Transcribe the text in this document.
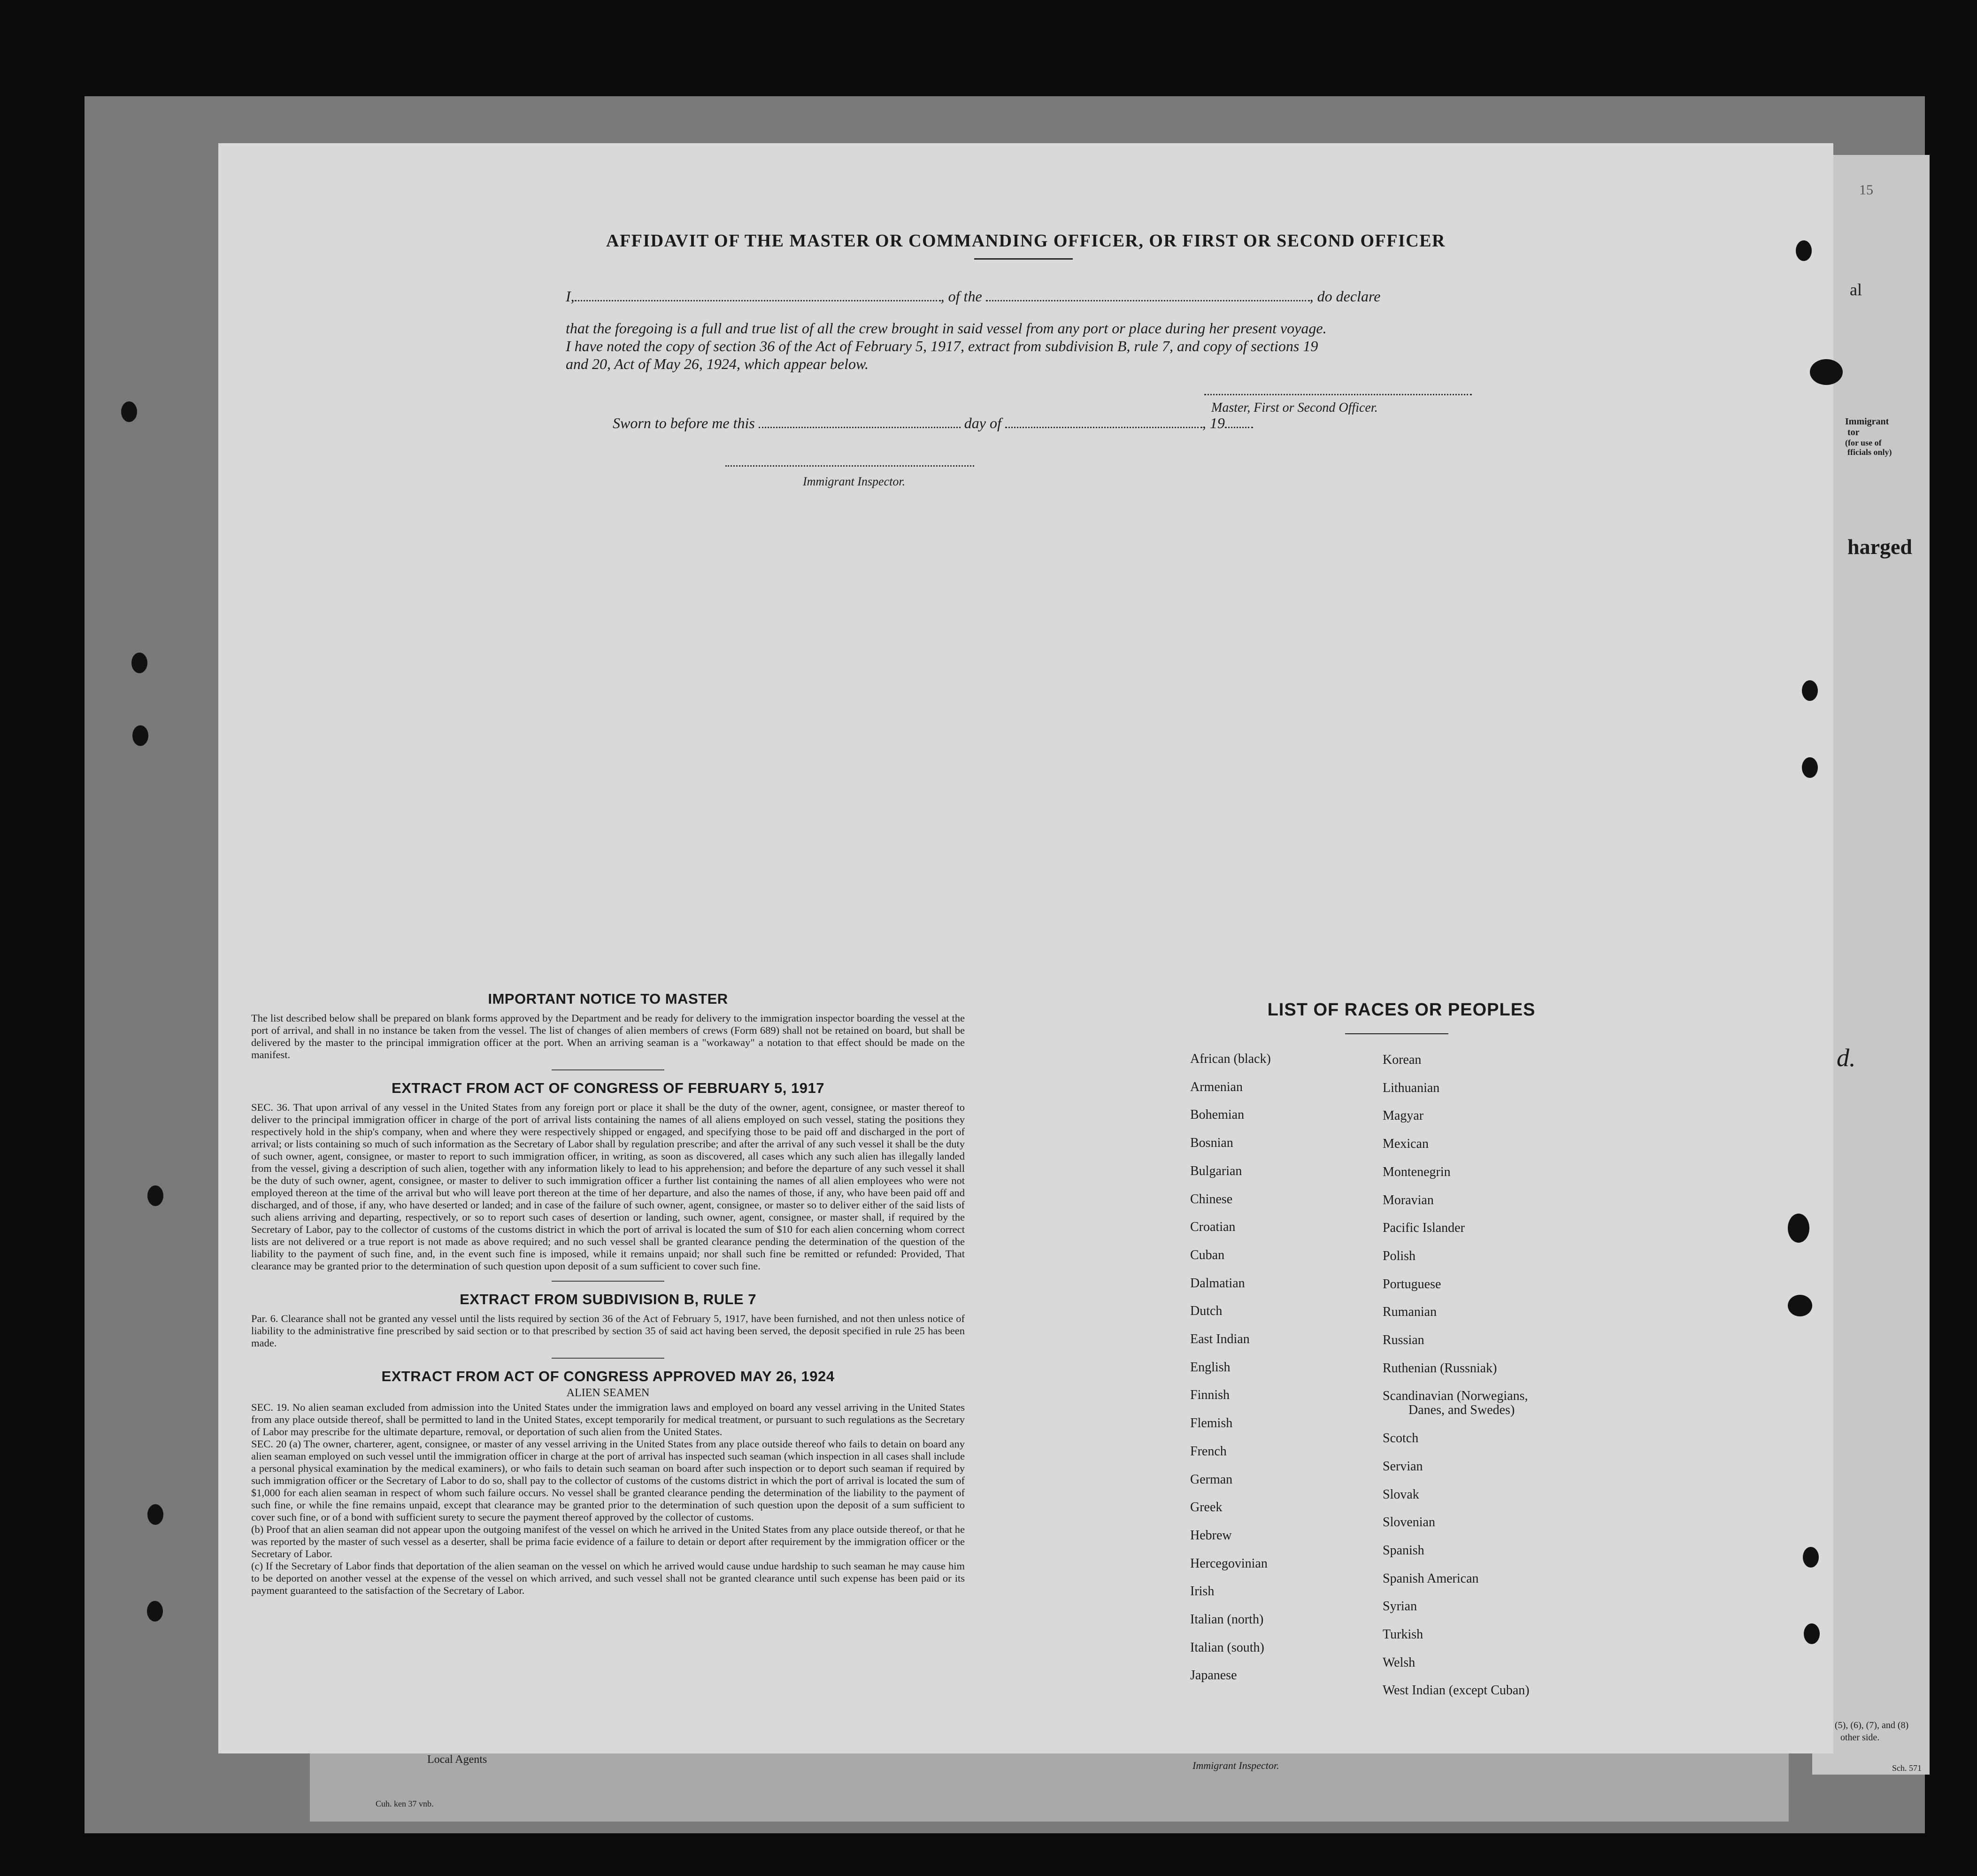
Local Agents
Cuh. ken 37 vnb.
Immigrant Inspector.
AFFIDAVIT OF THE MASTER OR COMMANDING OFFICER, OR FIRST OR SECOND OFFICER
I,	, of the	, do declare
that the foregoing is a full and true list of all the crew brought in said vessel from any port or place during her present voyage.
I have noted the copy of section 36 of the Act of February 5, 1917, extract from subdivision B, rule 7, and copy of sections 19
and 20, Act of May 26, 1924, which appear below.
Master, First or Second Officer.
Sworn to before me this	day of	, 19
Immigrant Inspector.
IMPORTANT NOTICE TO MASTER
The list described below shall be prepared on blank forms approved by the Department and be ready for delivery to the immigration inspector boarding the vessel at the port of arrival, and shall in no instance be taken from the vessel. The list of changes of alien members of crews (Form 689) shall not be retained on board, but shall be delivered by the master to the principal immigration officer at the port. When an arriving seaman is a "workaway" a notation to that effect should be made on the manifest.
EXTRACT FROM ACT OF CONGRESS OF FEBRUARY 5, 1917
SEC. 36. That upon arrival of any vessel in the United States from any foreign port or place it shall be the duty of the owner, agent, consignee, or master thereof to deliver to the principal immigration officer in charge of the port of arrival lists containing the names of all aliens employed on such vessel, stating the positions they respectively hold in the ship's company, when and where they were respectively shipped or engaged, and specifying those to be paid off and discharged in the port of arrival; or lists containing so much of such information as the Secretary of Labor shall by regulation prescribe; and after the arrival of any such vessel it shall be the duty of such owner, agent, consignee, or master to report to such immigration officer, in writing, as soon as discovered, all cases which any such alien has illegally landed from the vessel, giving a description of such alien, together with any information likely to lead to his apprehension; and before the departure of any such vessel it shall be the duty of such owner, agent, consignee, or master to deliver to such immigration officer a further list containing the names of all alien employees who were not employed thereon at the time of the arrival but who will leave port thereon at the time of her departure, and also the names of those, if any, who have been paid off and discharged, and of those, if any, who have deserted or landed; and in case of the failure of such owner, agent, consignee, or master so to deliver either of the said lists of such aliens arriving and departing, respectively, or so to report such cases of desertion or landing, such owner, agent, consignee, or master shall, if required by the Secretary of Labor, pay to the collector of customs of the customs district in which the port of arrival is located the sum of $10 for each alien concerning whom correct lists are not delivered or a true report is not made as above required; and no such vessel shall be granted clearance pending the determination of the question of the liability to the payment of such fine, and, in the event such fine is imposed, while it remains unpaid; nor shall such fine be remitted or refunded: Provided, That clearance may be granted prior to the determination of such question upon deposit of a sum sufficient to cover such fine.
EXTRACT FROM SUBDIVISION B, RULE 7
Par. 6. Clearance shall not be granted any vessel until the lists required by section 36 of the Act of February 5, 1917, have been furnished, and not then unless notice of liability to the administrative fine prescribed by said section or to that prescribed by section 35 of said act having been served, the deposit specified in rule 25 has been made.
EXTRACT FROM ACT OF CONGRESS APPROVED MAY 26, 1924
ALIEN SEAMEN
SEC. 19. No alien seaman excluded from admission into the United States under the immigration laws and employed on board any vessel arriving in the United States from any place outside thereof, shall be permitted to land in the United States, except temporarily for medical treatment, or pursuant to such regulations as the Secretary of Labor may prescribe for the ultimate departure, removal, or deportation of such alien from the United States.
SEC. 20 (a) The owner, charterer, agent, consignee, or master of any vessel arriving in the United States from any place outside thereof who fails to detain on board any alien seaman employed on such vessel until the immigration officer in charge at the port of arrival has inspected such seaman (which inspection in all cases shall include a personal physical examination by the medical examiners), or who fails to detain such seaman on board after such inspection or to deport such seaman if required by such immigration officer or the Secretary of Labor to do so, shall pay to the collector of customs of the customs district in which the port of arrival is located the sum of $1,000 for each alien seaman in respect of whom such failure occurs. No vessel shall be granted clearance pending the determination of the liability to the payment of such fine, or while the fine remains unpaid, except that clearance may be granted prior to the determination of such question upon the deposit of a sum sufficient to cover such fine, or of a bond with sufficient surety to secure the payment thereof approved by the collector of customs.
(b) Proof that an alien seaman did not appear upon the outgoing manifest of the vessel on which he arrived in the United States from any place outside thereof, or that he was reported by the master of such vessel as a deserter, shall be prima facie evidence of a failure to detain or deport after requirement by the immigration officer or the Secretary of Labor.
(c) If the Secretary of Labor finds that deportation of the alien seaman on the vessel on which he arrived would cause undue hardship to such seaman he may cause him to be deported on another vessel at the expense of the vessel on which arrived, and such vessel shall not be granted clearance until such expense has been paid or its payment guaranteed to the satisfaction of the Secretary of Labor.
LIST OF RACES OR PEOPLES
African (black)
Armenian
Bohemian
Bosnian
Bulgarian
Chinese
Croatian
Cuban
Dalmatian
Dutch
East Indian
English
Finnish
Flemish
French
German
Greek
Hebrew
Hercegovinian
Irish
Italian (north)
Italian (south)
Japanese
Korean
Lithuanian
Magyar
Mexican
Montenegrin
Moravian
Pacific Islander
Polish
Portuguese
Rumanian
Russian
Ruthenian (Russniak)
Scandinavian (Norwegians,
Danes, and Swedes)
Scotch
Servian
Slovak
Slovenian
Spanish
Spanish American
Syrian
Turkish
Welsh
West Indian (except Cuban)
15
al
Immigrant
tor
(for use of
fficials only)
harged
d.
(5), (6), (7), and (8)
other side.
Sch. 571
